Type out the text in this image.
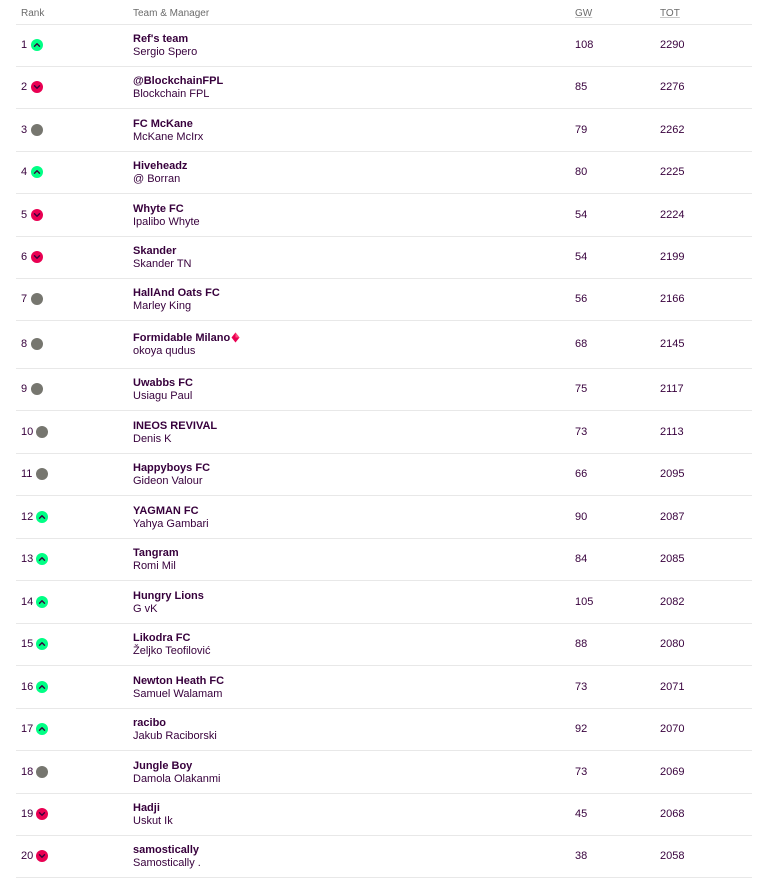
Rank	Team & Manager	GW	TOT
1	Ref's team
Sergio Spero
108	2290
2	@BlockchainFPL
Blockchain FPL
85	2276
3	FC McKane
McKane McIrx
79	2262
4	Hiveheadz
@ Borran
80	2225
5	Whyte FC
Ipalibo Whyte
54	2224
6	Skander
Skander TN
54	2199
7	HallAnd Oats FC
Marley King
56	2166
8	Formidable Milano
okoya qudus
68	2145
9	Uwabbs FC
Usiagu Paul
75	2117
10	INEOS REVIVAL
Denis K
73	2113
11	Happyboys FC
Gideon Valour
66	2095
12	YAGMAN FC
Yahya Gambari
90	2087
13	Tangram
Romi Mil
84	2085
14	Hungry Lions
G vK
105	2082
15	Likodra FC
Željko Teofilović
88	2080
16	Newton Heath FC
Samuel Walamam
73	2071
17	racibo
Jakub Raciborski
92	2070
18	Jungle Boy
Damola Olakanmi
73	2069
19	Hadji
Uskut Ik
45	2068
20	samostically
Samostically .
38	2058
